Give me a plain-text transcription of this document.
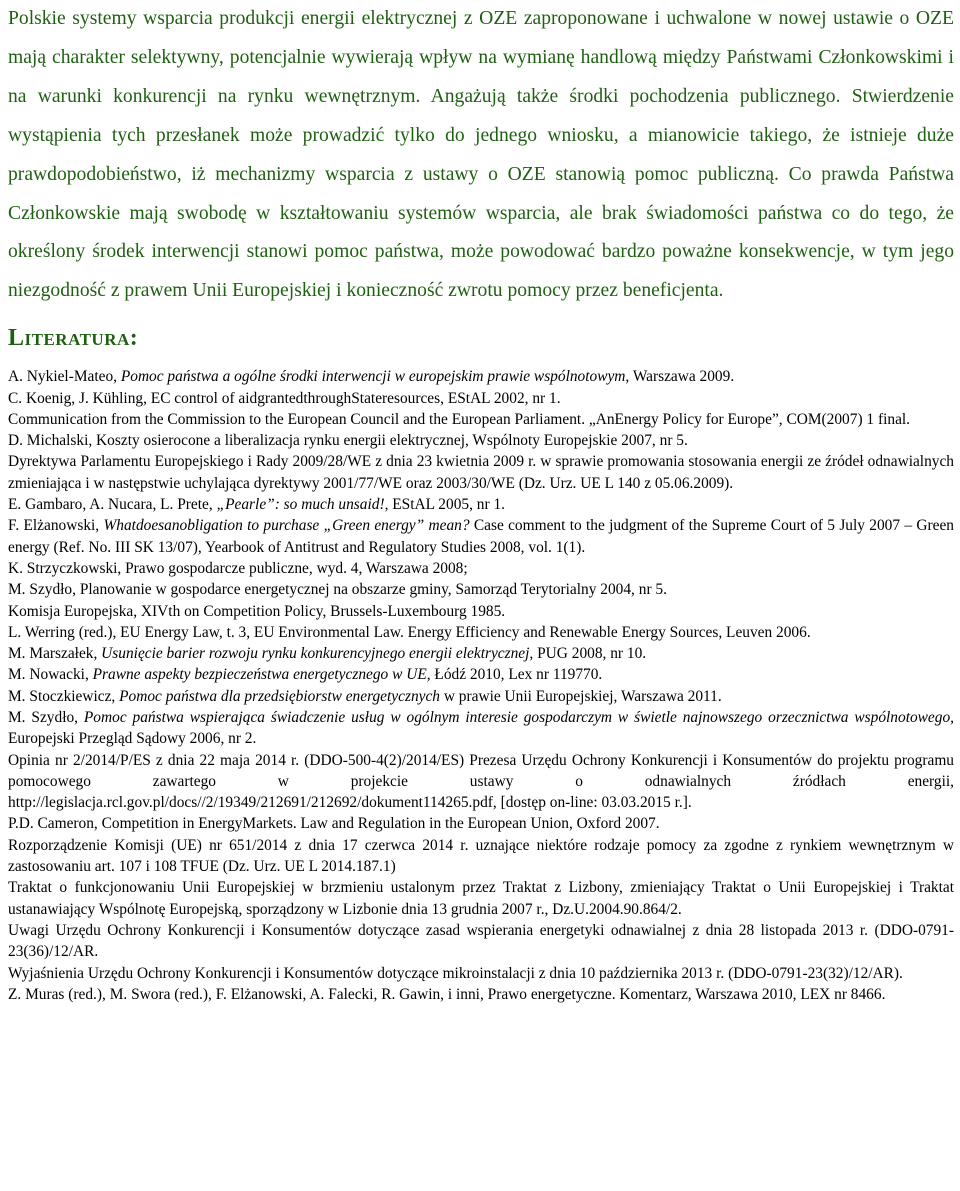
Polskie systemy wsparcia produkcji energii elektrycznej z OZE zaproponowane i uchwalone w nowej ustawie o OZE mają charakter selektywny, potencjalnie wywierają wpływ na wymianę handlową między Państwami Członkowskimi i na warunki konkurencji na rynku wewnętrznym. Angażują także środki pochodzenia publicznego. Stwierdzenie wystąpienia tych przesłanek może prowadzić tylko do jednego wniosku, a mianowicie takiego, że istnieje duże prawdopodobieństwo, iż mechanizmy wsparcia z ustawy o OZE stanowią pomoc publiczną. Co prawda Państwa Członkowskie mają swobodę w kształtowaniu systemów wsparcia, ale brak świadomości państwa co do tego, że określony środek interwencji stanowi pomoc państwa, może powodować bardzo poważne konsekwencje, w tym jego niezgodność z prawem Unii Europejskiej i konieczność zwrotu pomocy przez beneficjenta.

Literatura:

A. Nykiel-Mateo, Pomoc państwa a ogólne środki interwencji w europejskim prawie wspólnotowym, Warszawa 2009.

C. Koenig, J. Kühling, EC control of aidgrantedthroughStateresources, EStAL 2002, nr 1.

Communication from the Commission to the European Council and the European Parliament. „AnEnergy Policy for Europe”, COM(2007) 1 final.

D. Michalski, Koszty osierocone a liberalizacja rynku energii elektrycznej, Wspólnoty Europejskie 2007, nr 5.

Dyrektywa Parlamentu Europejskiego i Rady 2009/28/WE z dnia 23 kwietnia 2009 r. w sprawie promowania stosowania energii ze źródeł odnawialnych zmieniająca i w następstwie uchylająca dyrektywy 2001/77/WE oraz 2003/30/WE (Dz. Urz. UE L 140 z 05.06.2009).

E. Gambaro, A. Nucara, L. Prete, „Pearle”: so much unsaid!, EStAL 2005, nr 1.

F. Elżanowski, Whatdoesanobligation to purchase „Green energy” mean? Case comment to the judgment of the Supreme Court of 5 July 2007 – Green energy (Ref. No. III SK 13/07), Yearbook of Antitrust and Regulatory Studies 2008, vol. 1(1).

K. Strzyczkowski, Prawo gospodarcze publiczne, wyd. 4, Warszawa 2008;

M. Szydło, Planowanie w gospodarce energetycznej na obszarze gminy, Samorząd Terytorialny 2004, nr 5.

Komisja Europejska, XIVth on Competition Policy, Brussels-Luxembourg 1985.

L. Werring (red.), EU Energy Law, t. 3, EU Environmental Law. Energy Efficiency and Renewable Energy Sources, Leuven 2006.

M. Marszałek, Usunięcie barier rozwoju rynku konkurencyjnego energii elektrycznej, PUG 2008, nr 10.

M. Nowacki, Prawne aspekty bezpieczeństwa energetycznego w UE, Łódź 2010, Lex nr 119770.

M. Stoczkiewicz, Pomoc państwa dla przedsiębiorstw energetycznych w prawie Unii Europejskiej, Warszawa 2011.

M. Szydło, Pomoc państwa wspierająca świadczenie usług w ogólnym interesie gospodarczym w świetle najnowszego orzecznictwa wspólnotowego, Europejski Przegląd Sądowy 2006, nr 2.

Opinia nr 2/2014/P/ES z dnia 22 maja 2014 r. (DDO-500-4(2)/2014/ES) Prezesa Urzędu Ochrony Konkurencji i Konsumentów do projektu programu pomocowego zawartego w projekcie ustawy o odnawialnych źródłach energii, http://legislacja.rcl.gov.pl/docs//2/19349/212691/212692/dokument114265.pdf, [dostęp on-line: 03.03.2015 r.].

P.D. Cameron, Competition in EnergyMarkets. Law and Regulation in the European Union, Oxford 2007.

Rozporządzenie Komisji (UE) nr 651/2014 z dnia 17 czerwca 2014 r. uznające niektóre rodzaje pomocy za zgodne z rynkiem wewnętrznym w zastosowaniu art. 107 i 108 TFUE (Dz. Urz. UE L 2014.187.1)

Traktat o funkcjonowaniu Unii Europejskiej w brzmieniu ustalonym przez Traktat z Lizbony, zmieniający Traktat o Unii Europejskiej i Traktat ustanawiający Wspólnotę Europejską, sporządzony w Lizbonie dnia 13 grudnia 2007 r., Dz.U.2004.90.864/2.

Uwagi Urzędu Ochrony Konkurencji i Konsumentów dotyczące zasad wspierania energetyki odnawialnej z dnia 28 listopada 2013 r. (DDO-0791-23(36)/12/AR.

Wyjaśnienia Urzędu Ochrony Konkurencji i Konsumentów dotyczące mikroinstalacji z dnia 10 października 2013 r. (DDO-0791-23(32)/12/AR).

Z. Muras (red.), M. Swora (red.), F. Elżanowski, A. Falecki, R. Gawin, i inni, Prawo energetyczne. Komentarz, Warszawa 2010, LEX nr 8466.
